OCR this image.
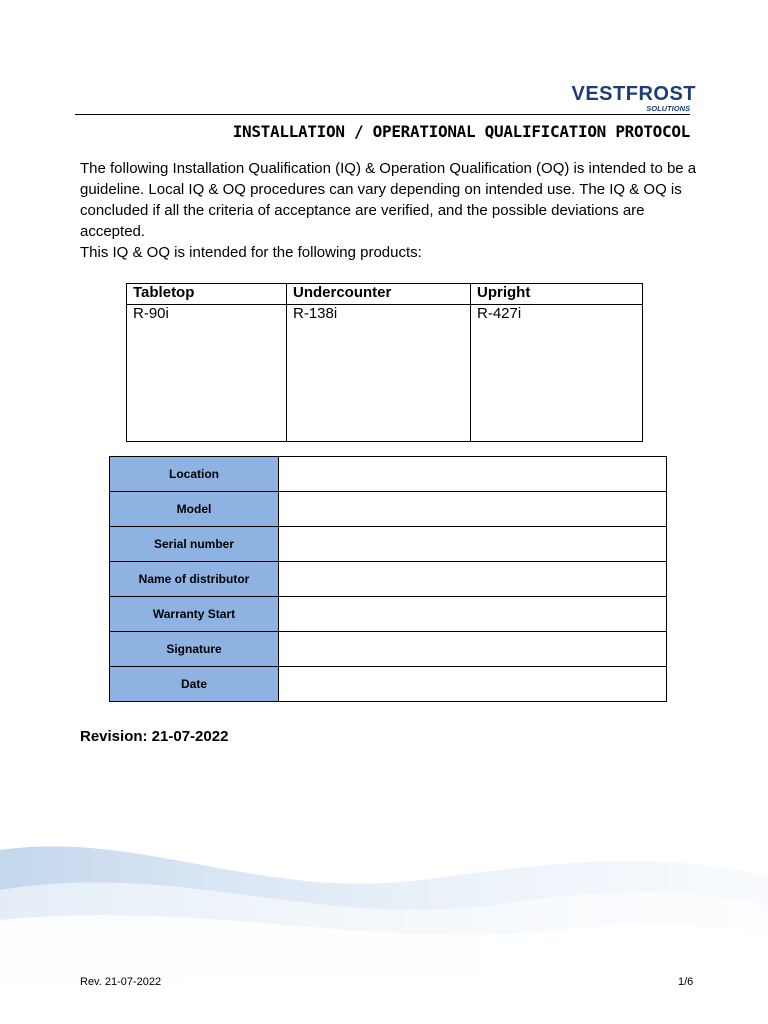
VESTFROST
SOLUTIONS
INSTALLATION / OPERATIONAL QUALIFICATION PROTOCOL

The following Installation Qualification (IQ) & Operation Qualification (OQ) is intended to be a guideline. Local IQ & OQ procedures can vary depending on intended use. The IQ & OQ is concluded if all the criteria of acceptance are verified, and the possible deviations are accepted.

This IQ & OQ is intended for the following products:

Tabletop	Undercounter	Upright
R-90i	R-138i	R-427i
Location	
Model	
Serial number	
Name of distributor	
Warranty Start	
Signature	
Date	
Revision: 21-07-2022
Rev. 21-07-2022	1/6
